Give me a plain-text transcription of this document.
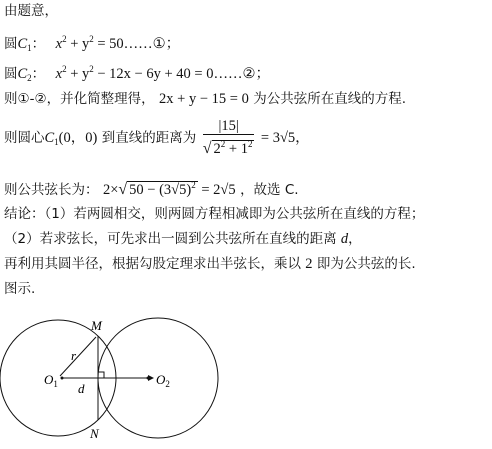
由题意，
圆$C_1$： $x^2 + y^2$ = 50……①；
圆$C_2$： $x^2 + y^2 - 12x - 6y + 40$ = 0……②；
则①-②，并化简整理得， 2x + y − 15 = 0 为公共弦所在直线的方程.
则圆心$C_1(0$，0) 到直线的距离为 $\frac{|15|}{√ 2^2 + 1^2} = 3√5$，
则公共弦长为： 2×√ $50 - (3√5)^2 = 2√5$ ，故选 C.
结论：（1）若两圆相交，则两圆方程相减即为公共弦所在直线的方程；
（2）若求弦长，可先求出一圆到公共弦所在直线的距离 d，
再利用其圆半径，根据勾股定理求出半弦长，乘以 2 即为公共弦的长.
图示.
M
N
r
d
$O_1$	$O_2$
